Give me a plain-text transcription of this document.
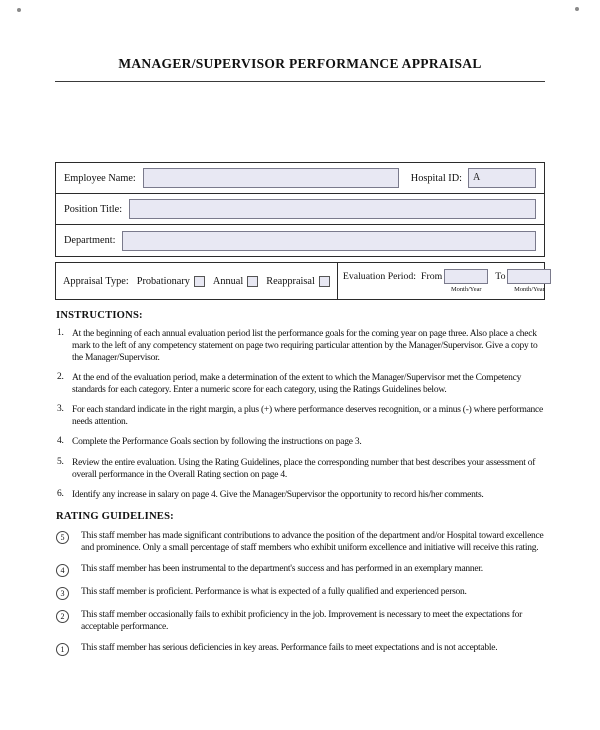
MANAGER/SUPERVISOR PERFORMANCE APPRAISAL
Employee Name:	Hospital ID:	A
Position Title:
Department:
Appraisal Type: Probationary Annual Reappraisal	Evaluation Period: From
Month/Year
To
Month/Year
INSTRUCTIONS:
1. At the beginning of each annual evaluation period list the performance goals for the coming year on page three. Also place a check mark to the left of any competency statement on page two requiring particular attention by the Manager/Supervisor. Give a copy to the Manager/Supervisor.
2. At the end of the evaluation period, make a determination of the extent to which the Manager/Supervisor met the Competency standards for each category. Enter a numeric score for each category, using the Ratings Guidelines below.
3. For each standard indicate in the right margin, a plus (+) where performance deserves recognition, or a minus (-) where performance needs attention.
4. Complete the Performance Goals section by following the instructions on page 3.
5. Review the entire evaluation. Using the Rating Guidelines, place the corresponding number that best describes your assessment of overall performance in the Overall Rating section on page 4.
6. Identify any increase in salary on page 4. Give the Manager/Supervisor the opportunity to record his/her comments.
RATING GUIDELINES:
5	This staff member has made significant contributions to advance the position of the department and/or Hospital toward excellence and prominence. Only a small percentage of staff members who exhibit uniform excellence and initiative will receive this rating.
4	This staff member has been instrumental to the department's success and has performed in an exemplary manner.
3	This staff member is proficient. Performance is what is expected of a fully qualified and experienced person.
2	This staff member occasionally fails to exhibit proficiency in the job. Improvement is necessary to meet the expectations for acceptable performance.
1	This staff member has serious deficiencies in key areas. Performance fails to meet expectations and is not acceptable.
